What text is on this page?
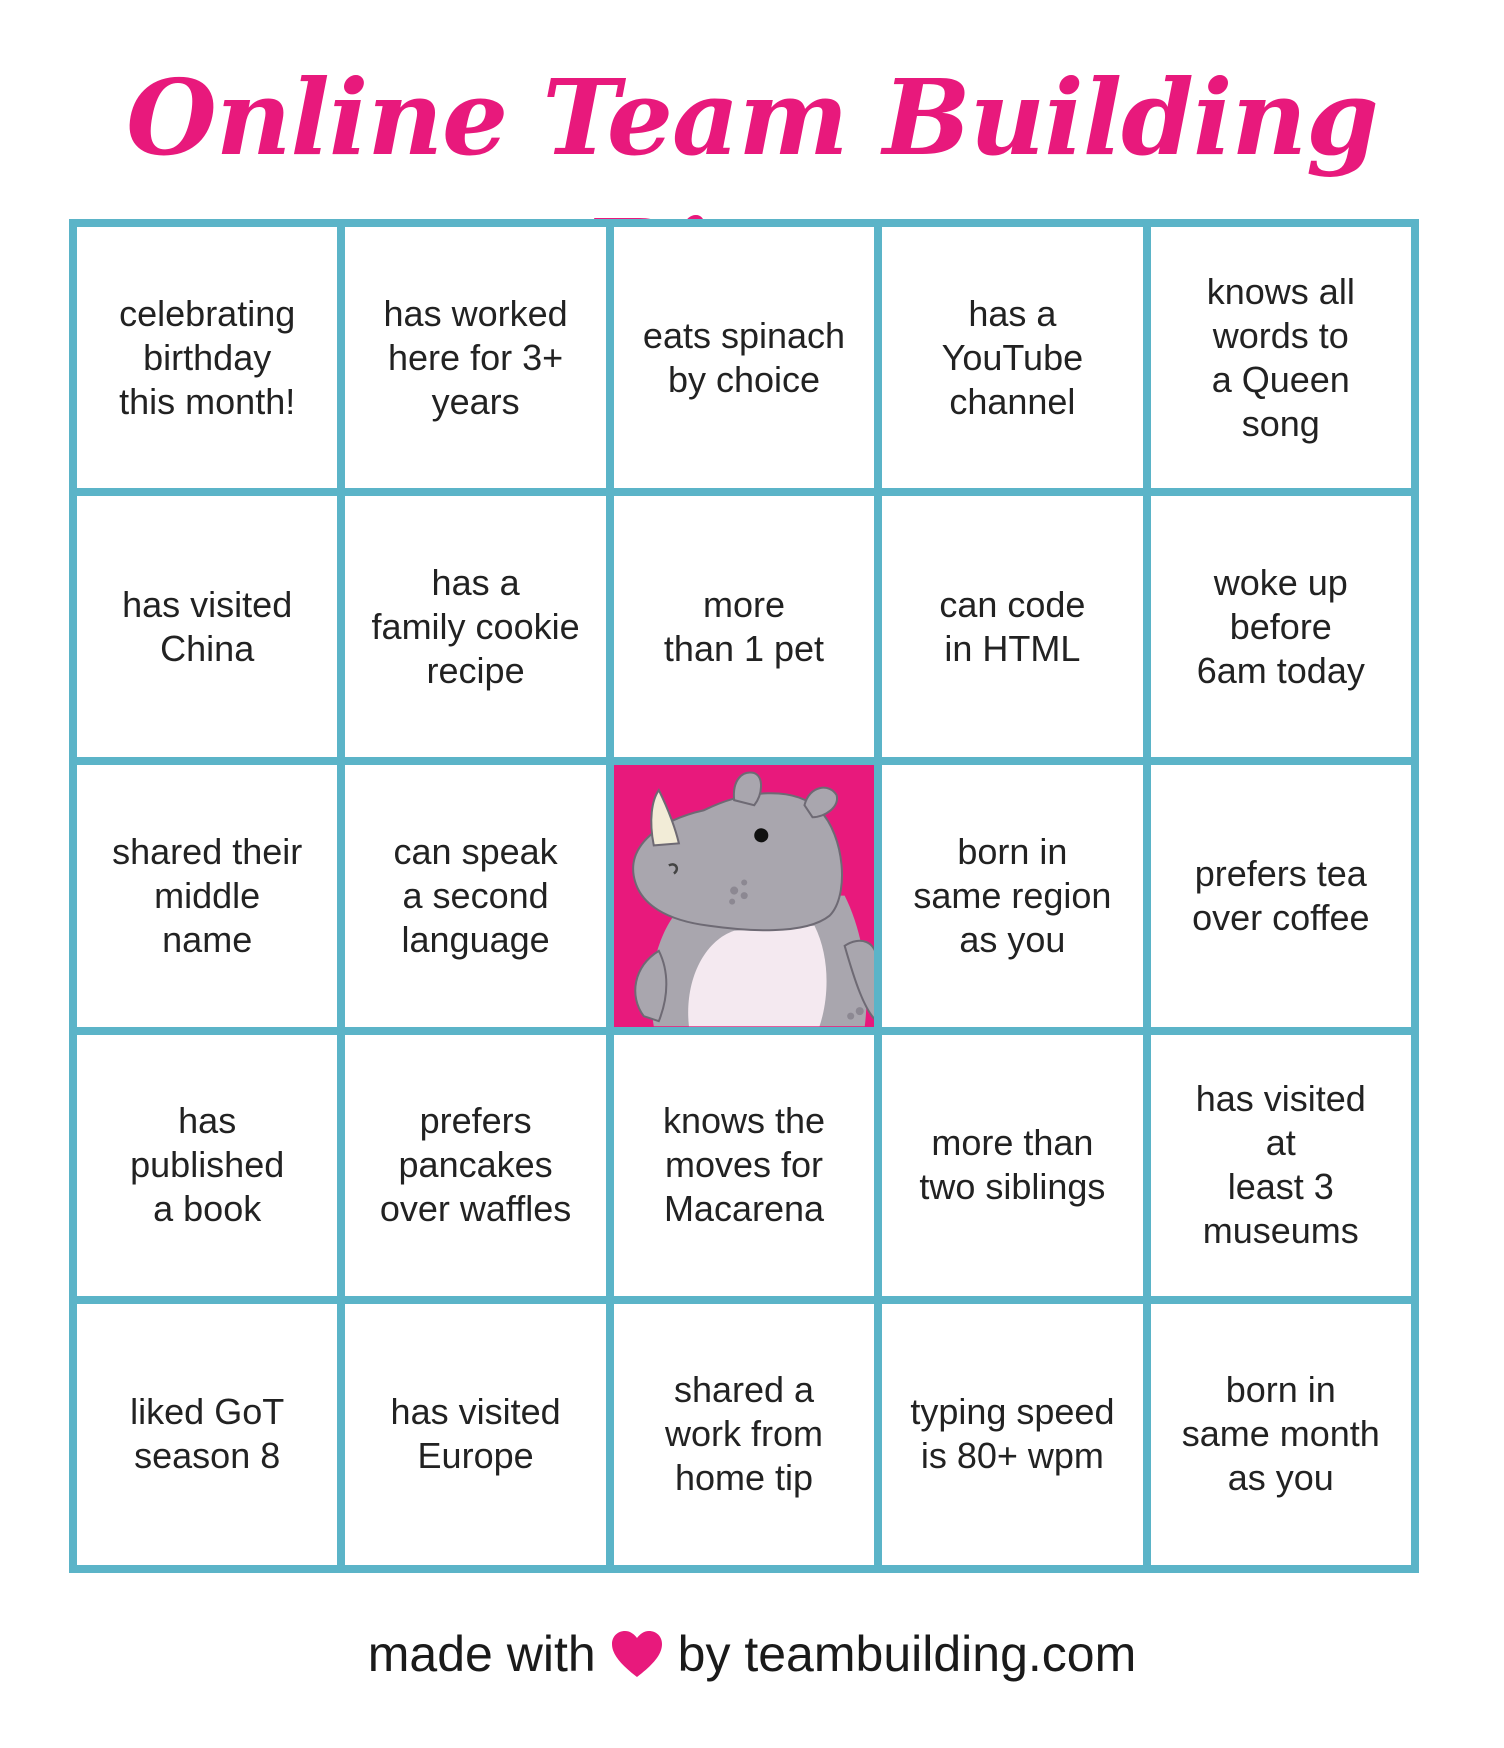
Online Team Building
celebrating
birthday
this month!
has worked
here for 3+
years
eats spinach
by choice
has a
YouTube
channel
knows all
words to
a Queen
song
has visited
China
has a
family cookie
recipe
more
than 1 pet
can code
in HTML
woke up
before
6am today
shared their
middle
name
can speak
a second
language
born in
same region
as you
prefers tea
over coffee
has
published
a book
prefers
pancakes
over waffles
knows the
moves for
Macarena
more than
two siblings
has visited
at
least 3
museums
liked GoT
season 8
has visited
Europe
shared a
work from
home tip
typing speed
is 80+ wpm
born in
same month
as you
made with by teambuilding.com
